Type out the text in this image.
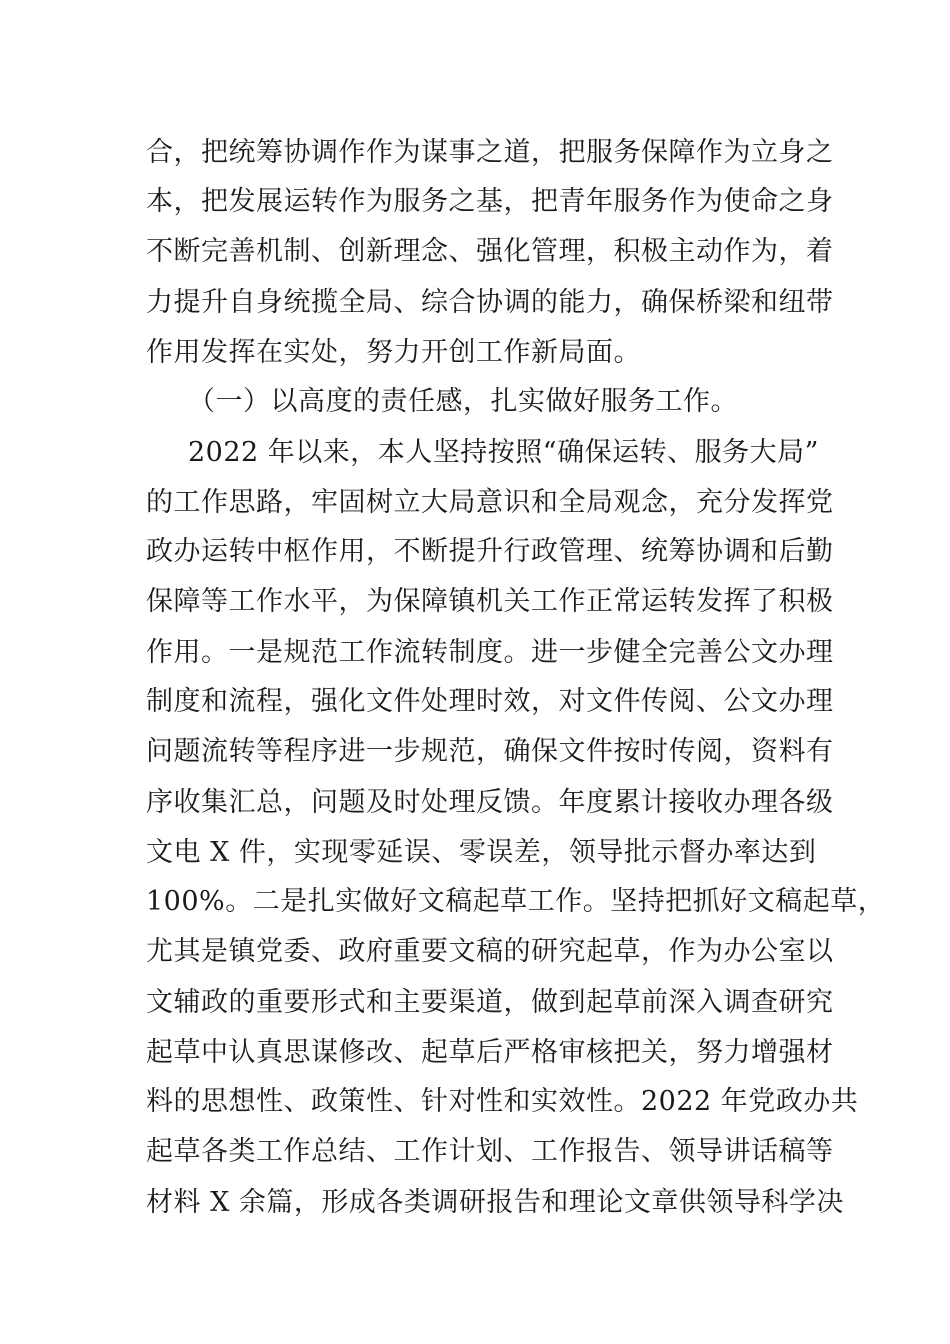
合，把统筹协调作作为谋事之道，把服务保障作为立身之
本，把发展运转作为服务之基，把青年服务作为使命之身
不断完善机制、创新理念、强化管理，积极主动作为，着
力提升自身统揽全局、综合协调的能力，确保桥梁和纽带
作用发挥在实处，努力开创工作新局面。
（一）以高度的责任感，扎实做好服务工作。
2022 年以来，本人坚持按照“确保运转、服务大局”
的工作思路，牢固树立大局意识和全局观念，充分发挥党
政办运转中枢作用，不断提升行政管理、统筹协调和后勤
保障等工作水平，为保障镇机关工作正常运转发挥了积极
作用。一是规范工作流转制度。进一步健全完善公文办理
制度和流程，强化文件处理时效，对文件传阅、公文办理
问题流转等程序进一步规范，确保文件按时传阅，资料有
序收集汇总，问题及时处理反馈。年度累计接收办理各级
文电 X 件，实现零延误、零误差，领导批示督办率达到
100%。二是扎实做好文稿起草工作。坚持把抓好文稿起草，
尤其是镇党委、政府重要文稿的研究起草，作为办公室以
文辅政的重要形式和主要渠道，做到起草前深入调查研究
起草中认真思谋修改、起草后严格审核把关，努力增强材
料的思想性、政策性、针对性和实效性。2022 年党政办共
起草各类工作总结、工作计划、工作报告、领导讲话稿等
材料 X 余篇，形成各类调研报告和理论文章供领导科学决
